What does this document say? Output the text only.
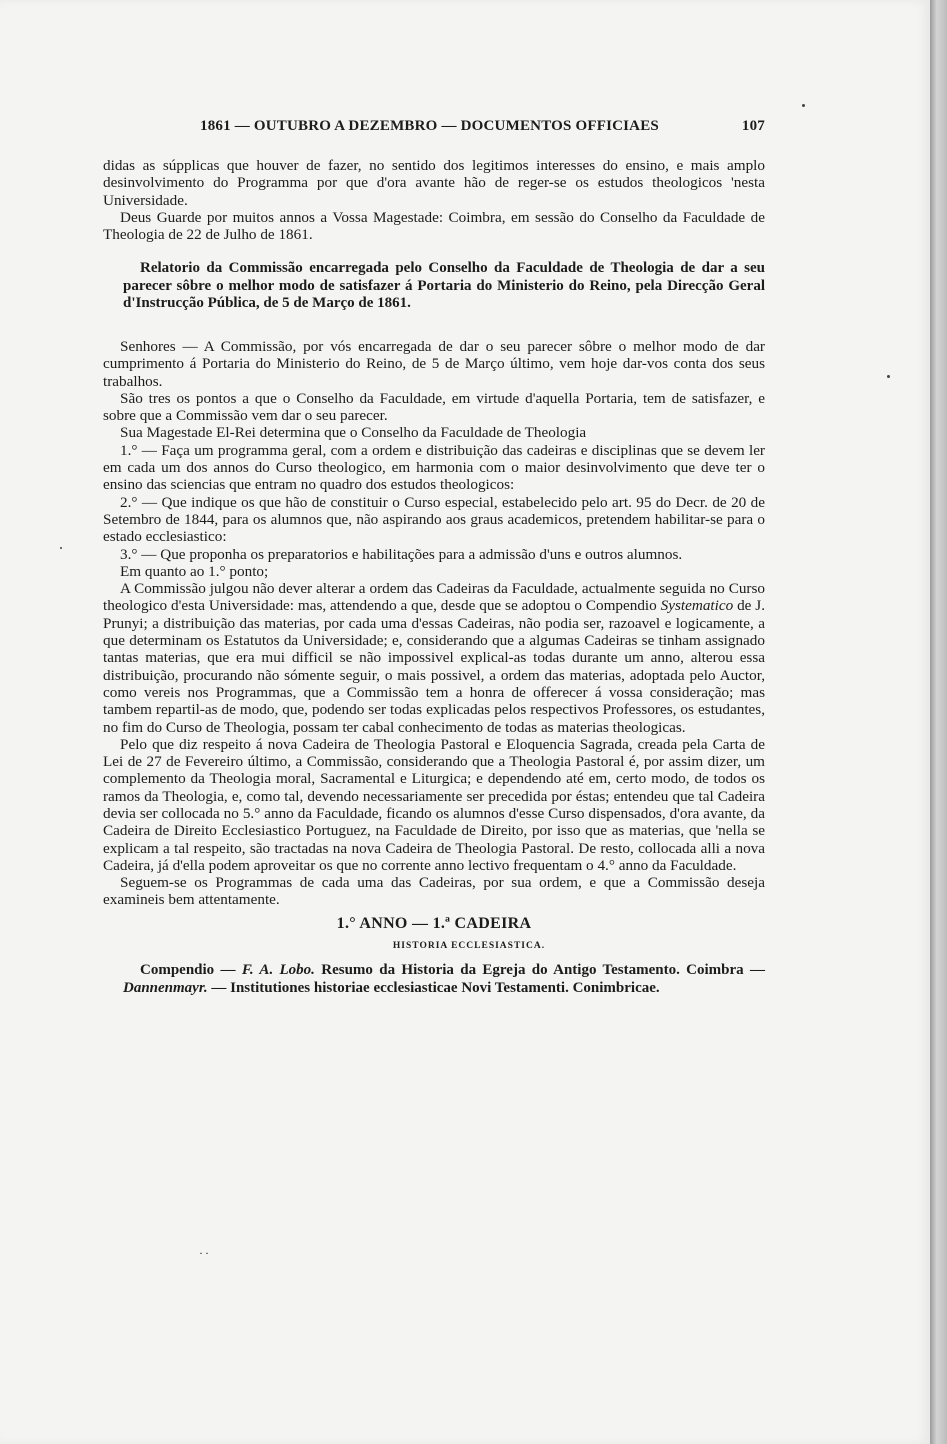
1861 — OUTUBRO A DEZEMBRO — DOCUMENTOS OFFICIAES	107

didas as súpplicas que houver de fazer, no sentido dos legitimos interesses do ensino, e mais amplo desinvolvimento do Programma por que d'ora avante hão de reger-se os estudos theologicos 'nesta Universidade.

Deus Guarde por muitos annos a Vossa Magestade: Coimbra, em sessão do Conselho da Faculdade de Theologia de 22 de Julho de 1861.

Relatorio da Commissão encarregada pelo Conselho da Faculdade de Theologia de dar a seu parecer sôbre o melhor modo de satisfazer á Portaria do Ministerio do Reino, pela Direcção Geral d'Instrucção Pública, de 5 de Março de 1861.

Senhores — A Commissão, por vós encarregada de dar o seu parecer sôbre o melhor modo de dar cumprimento á Portaria do Ministerio do Reino, de 5 de Março último, vem hoje dar-vos conta dos seus trabalhos.

São tres os pontos a que o Conselho da Faculdade, em virtude d'aquella Portaria, tem de satisfazer, e sobre que a Commissão vem dar o seu parecer.

Sua Magestade El-Rei determina que o Conselho da Faculdade de Theologia

1.° — Faça um programma geral, com a ordem e distribuição das cadeiras e disciplinas que se devem ler em cada um dos annos do Curso theologico, em harmonia com o maior desinvolvimento que deve ter o ensino das sciencias que entram no quadro dos estudos theologicos:

2.° — Que indique os que hão de constituir o Curso especial, estabelecido pelo art. 95 do Decr. de 20 de Setembro de 1844, para os alumnos que, não aspirando aos graus academicos, pretendem habilitar-se para o estado ecclesiastico:

3.° — Que proponha os preparatorios e habilitações para a admissão d'uns e outros alumnos.

Em quanto ao 1.° ponto;

A Commissão julgou não dever alterar a ordem das Cadeiras da Faculdade, actualmente seguida no Curso theologico d'esta Universidade: mas, attendendo a que, desde que se adoptou o Compendio Systematico de J. Prunyi; a distribuição das materias, por cada uma d'essas Cadeiras, não podia ser, razoavel e logicamente, a que determinam os Estatutos da Universidade; e, considerando que a algumas Cadeiras se tinham assignado tantas materias, que era mui difficil se não impossivel explical-as todas durante um anno, alterou essa distribuição, procurando não sómente seguir, o mais possivel, a ordem das materias, adoptada pelo Auctor, como vereis nos Programmas, que a Commissão tem a honra de offerecer á vossa consideração; mas tambem repartil-as de modo, que, podendo ser todas explicadas pelos respectivos Professores, os estudantes, no fim do Curso de Theologia, possam ter cabal conhecimento de todas as materias theologicas.

Pelo que diz respeito á nova Cadeira de Theologia Pastoral e Eloquencia Sagrada, creada pela Carta de Lei de 27 de Fevereiro último, a Commissão, considerando que a Theologia Pastoral é, por assim dizer, um complemento da Theologia moral, Sacramental e Liturgica; e dependendo até em, certo modo, de todos os ramos da Theologia, e, como tal, devendo necessariamente ser precedida por éstas; entendeu que tal Cadeira devia ser collocada no 5.° anno da Faculdade, ficando os alumnos d'esse Curso dispensados, d'ora avante, da Cadeira de Direito Ecclesiastico Portuguez, na Faculdade de Direito, por isso que as materias, que 'nella se explicam a tal respeito, são tractadas na nova Cadeira de Theologia Pastoral. De resto, collocada alli a nova Cadeira, já d'ella podem aproveitar os que no corrente anno lectivo frequentam o 4.° anno da Faculdade.

Seguem-se os Programmas de cada uma das Cadeiras, por sua ordem, e que a Commissão deseja examineis bem attentamente.

1.° ANNO — 1.ª CADEIRA
HISTORIA ECCLESIASTICA.

Compendio — F. A. Lobo. Resumo da Historia da Egreja do Antigo Testamento. Coimbra — Dannenmayr. — Institutiones historiae ecclesiasticae Novi Testamenti. Conimbricae.

··
